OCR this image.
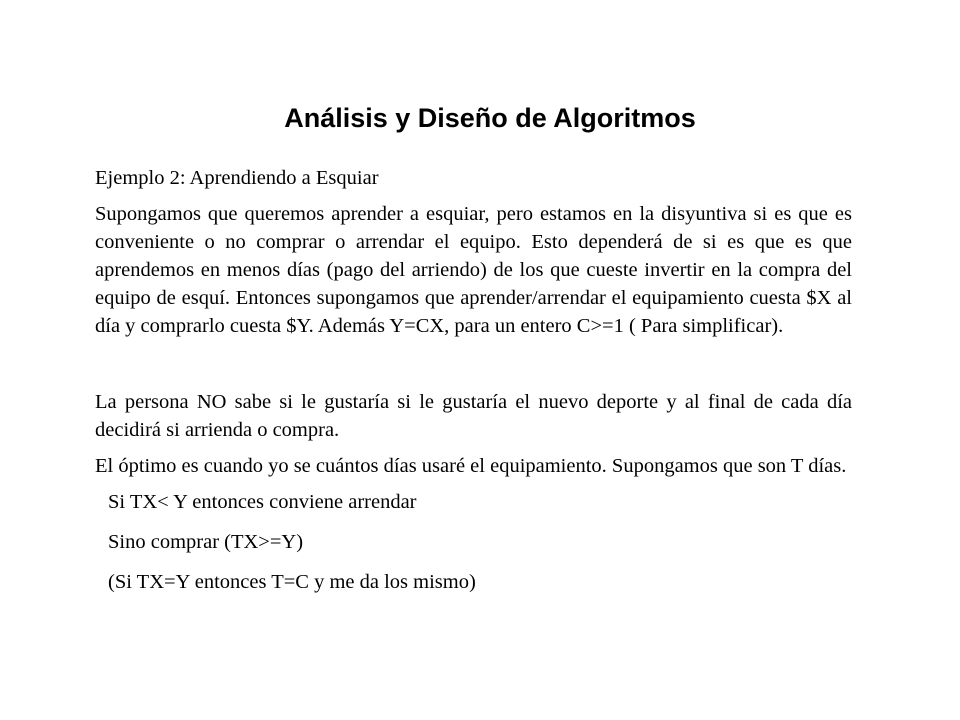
Análisis y Diseño de Algoritmos

Ejemplo 2: Aprendiendo a Esquiar

Supongamos que queremos aprender a esquiar, pero estamos en la disyuntiva si es que es conveniente o no comprar o arrendar el equipo. Esto dependerá de si es que es que aprendemos en menos días (pago del arriendo) de los que cueste invertir en la compra del equipo de esquí. Entonces supongamos que aprender/arrendar el equipamiento cuesta $X al día y comprarlo cuesta $Y. Además Y=CX, para un entero C>=1 ( Para simplificar).

La persona NO sabe si le gustaría si le gustaría el nuevo deporte y al final de cada día decidirá si arrienda o compra.

El óptimo es cuando yo se cuántos días usaré el equipamiento. Supongamos que son T días.

Si TX< Y entonces conviene arrendar

Sino comprar (TX>=Y)

(Si TX=Y entonces T=C y me da los mismo)
